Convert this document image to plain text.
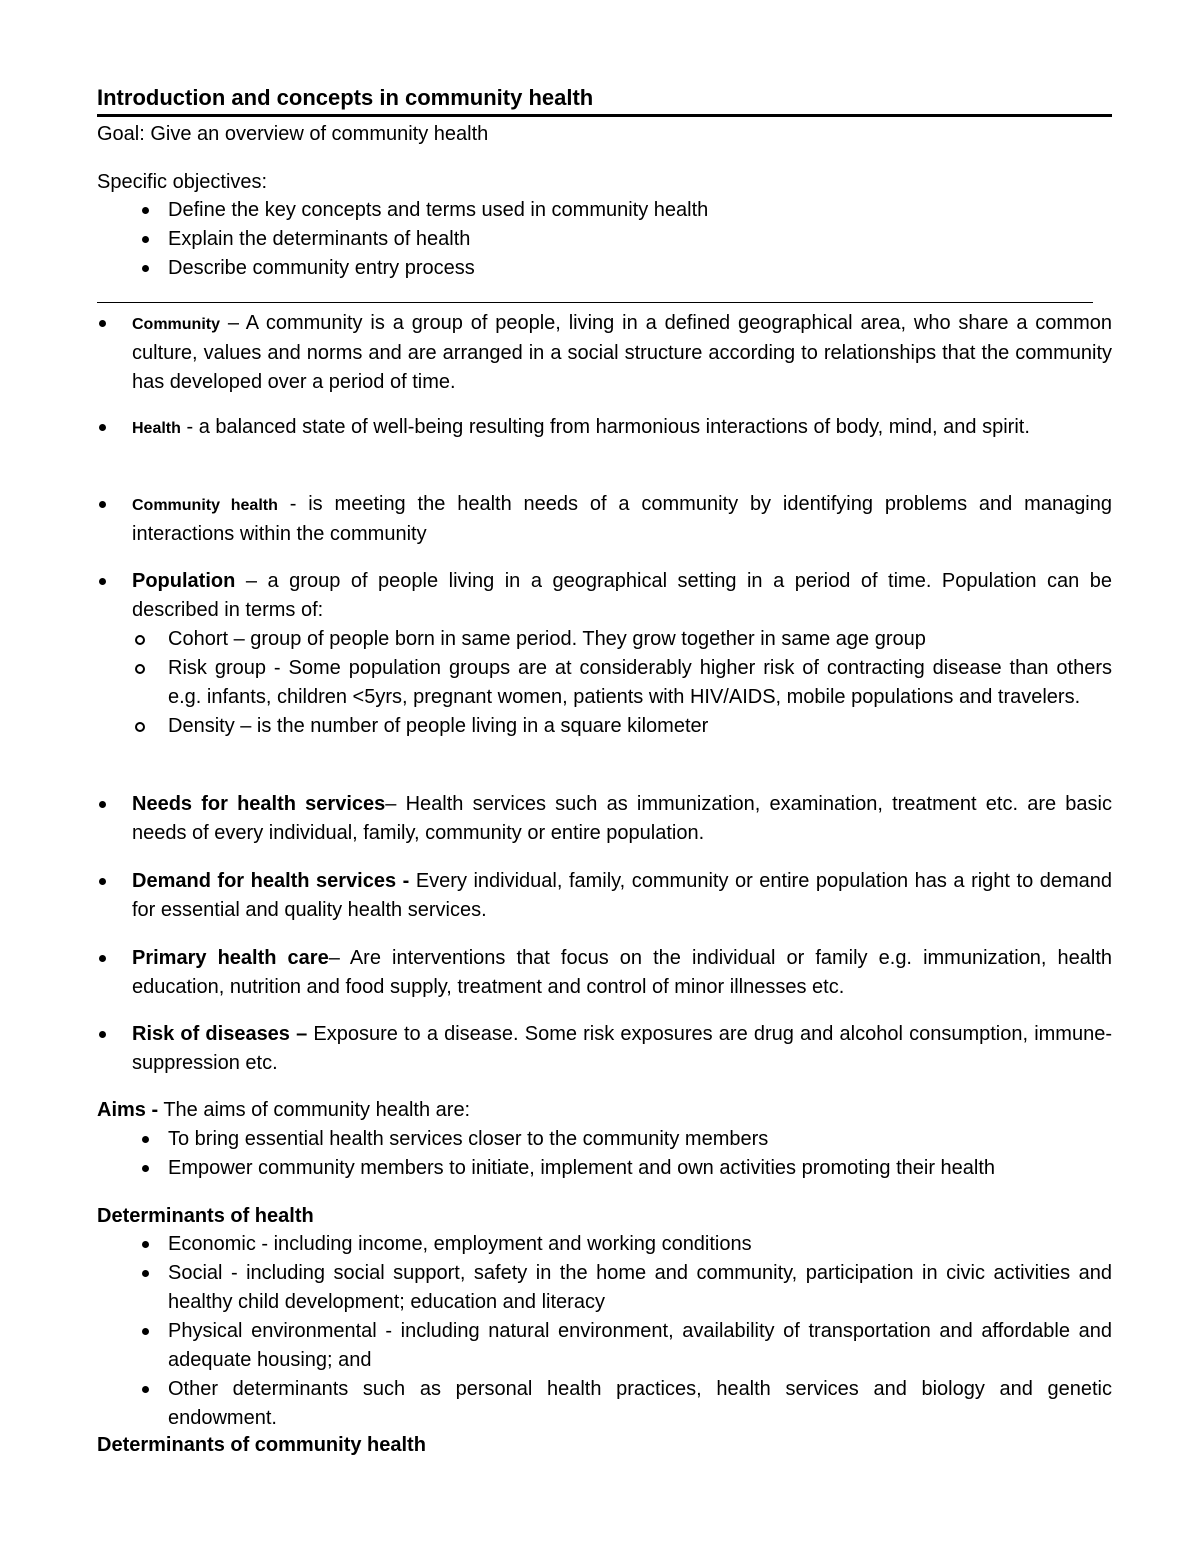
Introduction and concepts in community health
Goal: Give an overview of community health
Specific objectives:
Define the key concepts and terms used in community health
Explain the determinants of health
Describe community entry process
Community – A community is a group of people, living in a defined geographical area, who share a common culture, values and norms and are arranged in a social structure according to relationships that the community has developed over a period of time.
Health - a balanced state of well-being resulting from harmonious interactions of body, mind, and spirit.
Community health - is meeting the health needs of a community by identifying problems and managing interactions within the community
Population – a group of people living in a geographical setting in a period of time. Population can be described in terms of:
Cohort – group of people born in same period. They grow together in same age group
Risk group - Some population groups are at considerably higher risk of contracting disease than others e.g. infants, children <5yrs, pregnant women, patients with HIV/AIDS, mobile populations and travelers.
Density – is the number of people living in a square kilometer
Needs for health services– Health services such as immunization, examination, treatment etc. are basic needs of every individual, family, community or entire population.
Demand for health services - Every individual, family, community or entire population has a right to demand for essential and quality health services.
Primary health care– Are interventions that focus on the individual or family e.g. immunization, health education, nutrition and food supply, treatment and control of minor illnesses etc.
Risk of diseases – Exposure to a disease. Some risk exposures are drug and alcohol consumption, immune-suppression etc.
Aims - The aims of community health are:
To bring essential health services closer to the community members
Empower community members to initiate, implement and own activities promoting their health
Determinants of health
Economic - including income, employment and working conditions
Social - including social support, safety in the home and community, participation in civic activities and healthy child development; education and literacy
Physical environmental - including natural environment, availability of transportation and affordable and adequate housing; and
Other determinants such as personal health practices, health services and biology and genetic endowment.
Determinants of community health
